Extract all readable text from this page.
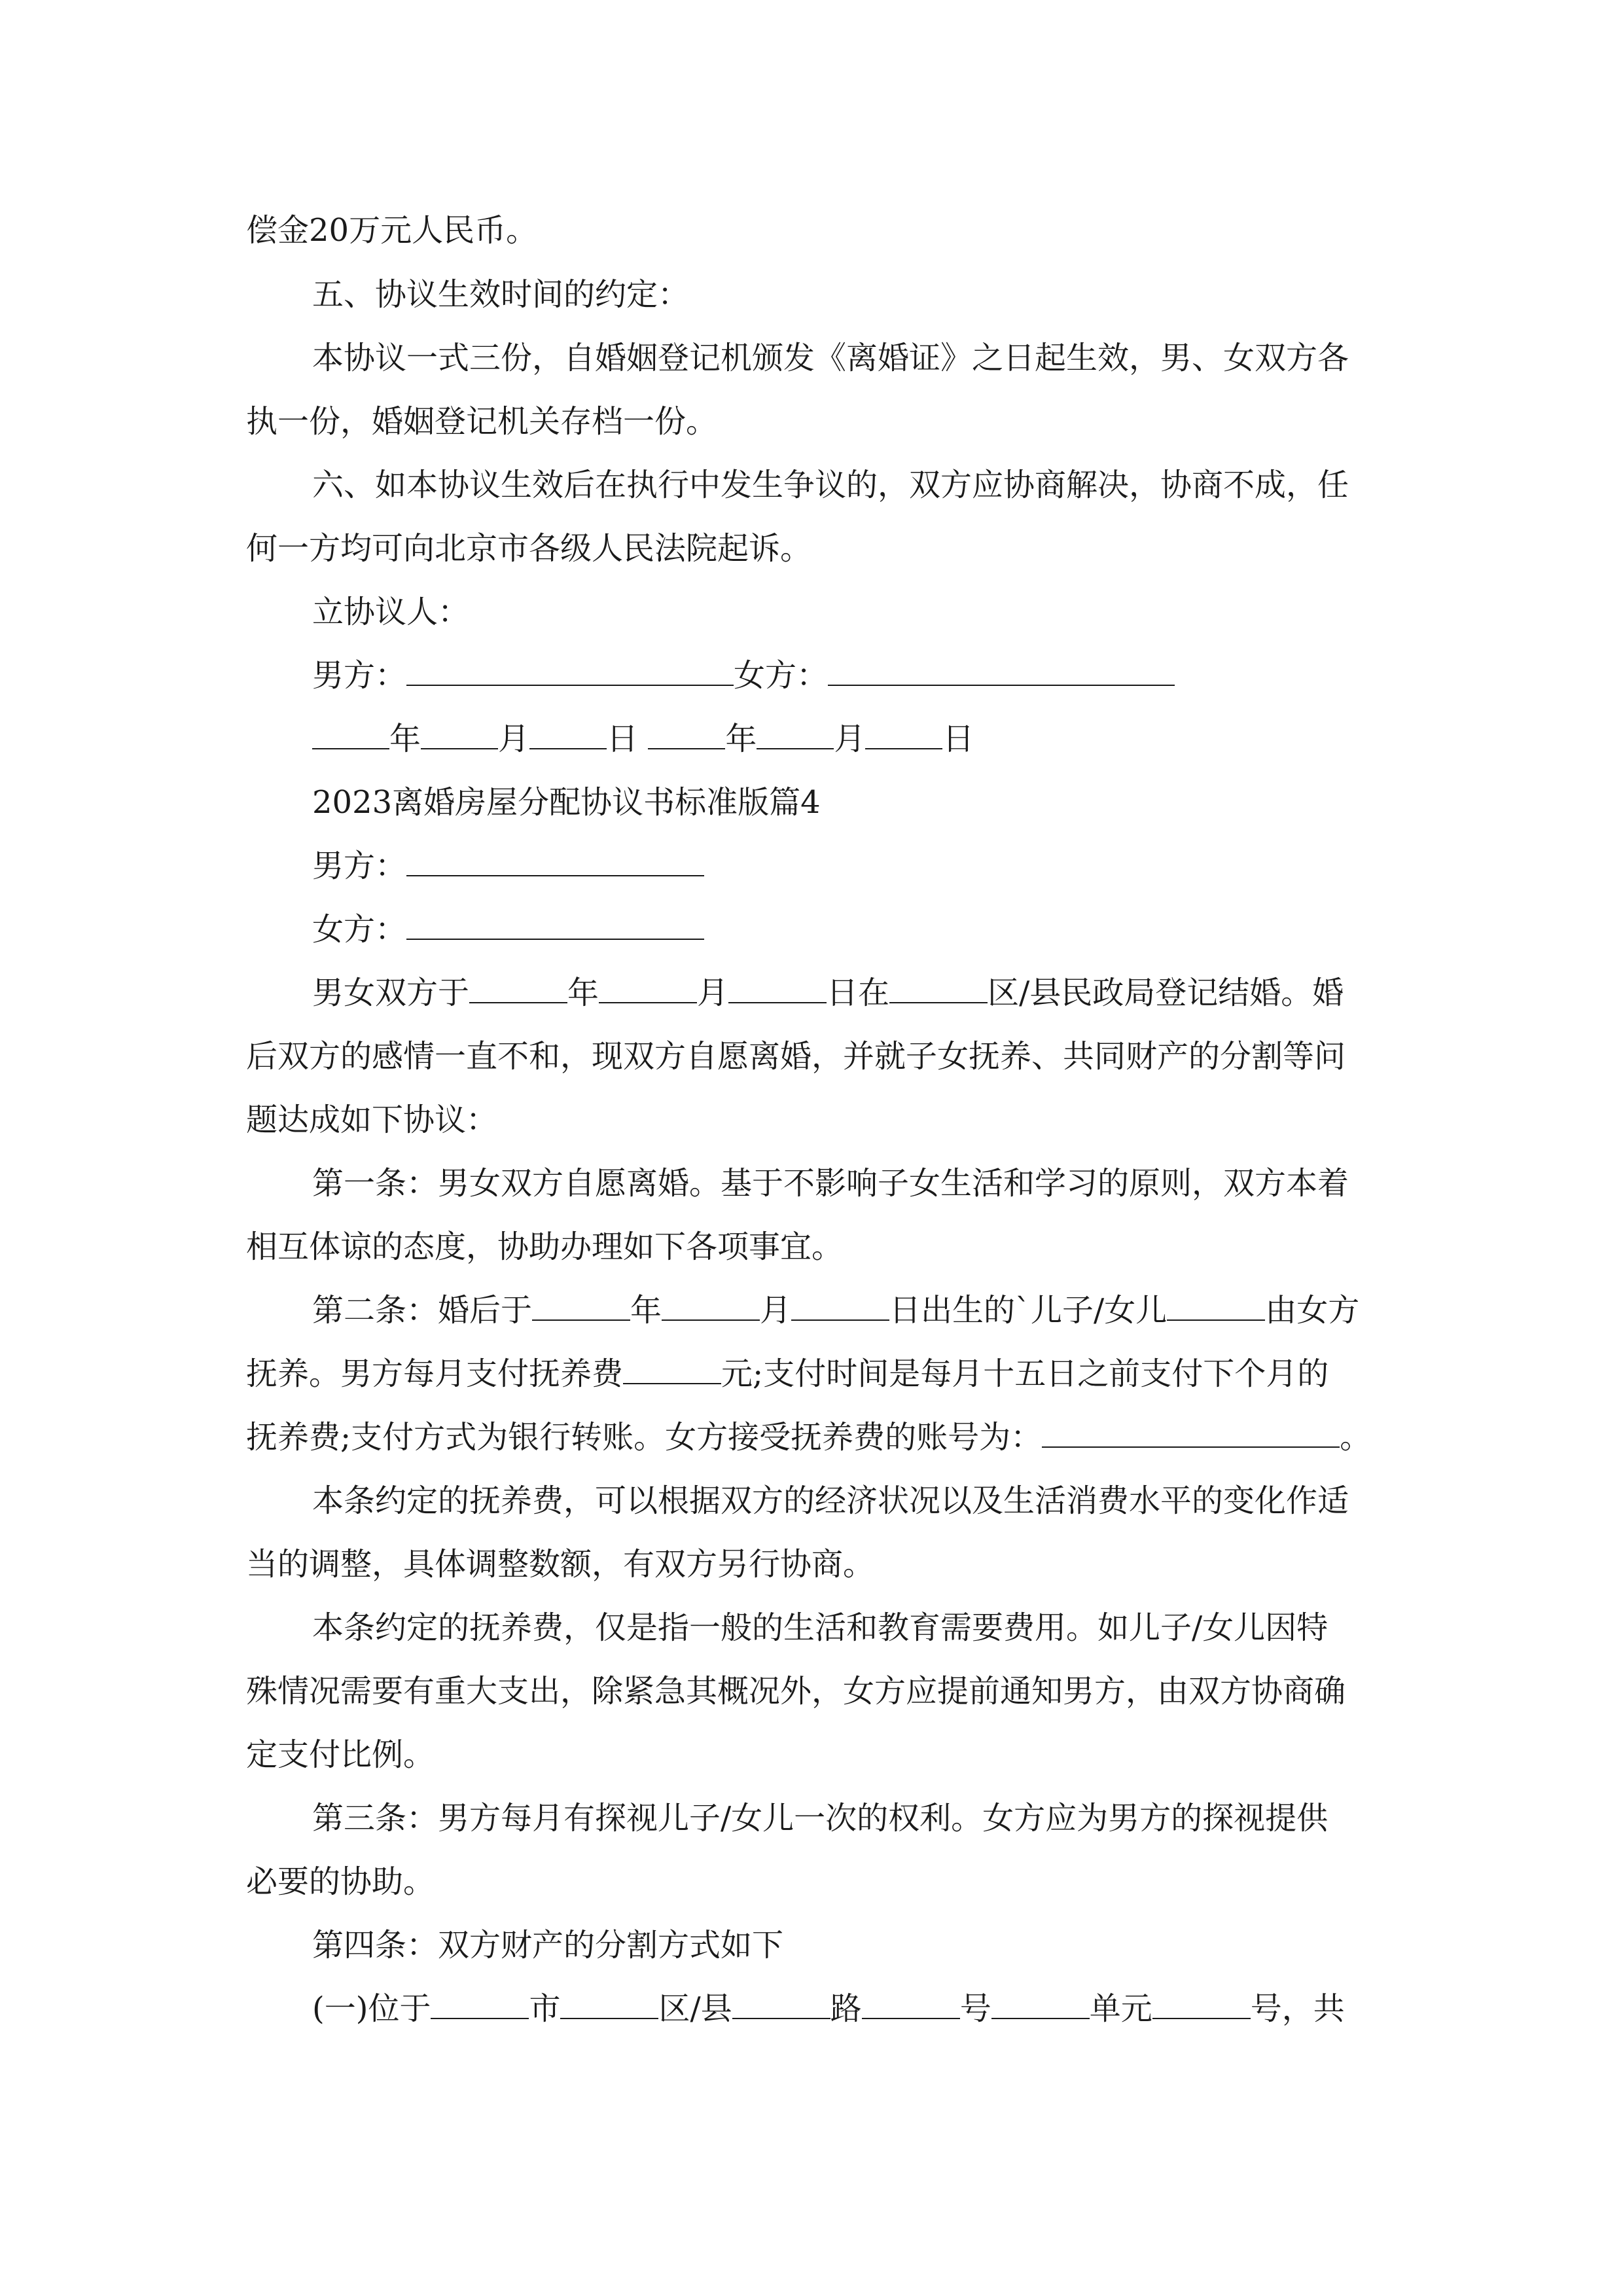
偿金20万元人民币。
五、协议生效时间的约定：
本协议一式三份，自婚姻登记机颁发《离婚证》之日起生效，男、女双方各
执一份，婚姻登记机关存档一份。
六、如本协议生效后在执行中发生争议的，双方应协商解决，协商不成，任
何一方均可向北京市各级人民法院起诉。
立协议人：
男方：	女方：
年 月 日	年 月 日
2023离婚房屋分配协议书标准版篇4
男方：
女方：
男女双方于	年	月	日在	区/县民政局登记结婚。婚
后双方的感情一直不和，现双方自愿离婚，并就子女抚养、共同财产的分割等问
题达成如下协议：
第一条：男女双方自愿离婚。基于不影响子女生活和学习的原则，双方本着
相互体谅的态度，协助办理如下各项事宜。
第二条：婚后于	年	月	日出生的`儿子/女儿	由女方
抚养。男方每月支付抚养费	元;支付时间是每月十五日之前支付下个月的
抚养费;支付方式为银行转账。女方接受抚养费的账号为：	。
本条约定的抚养费，可以根据双方的经济状况以及生活消费水平的变化作适
当的调整，具体调整数额，有双方另行协商。
本条约定的抚养费，仅是指一般的生活和教育需要费用。如儿子/女儿因特
殊情况需要有重大支出，除紧急其概况外，女方应提前通知男方，由双方协商确
定支付比例。
第三条：男方每月有探视儿子/女儿一次的权利。女方应为男方的探视提供
必要的协助。
第四条：双方财产的分割方式如下
(一)位于	市	区/县	路	号	单元	号，共
